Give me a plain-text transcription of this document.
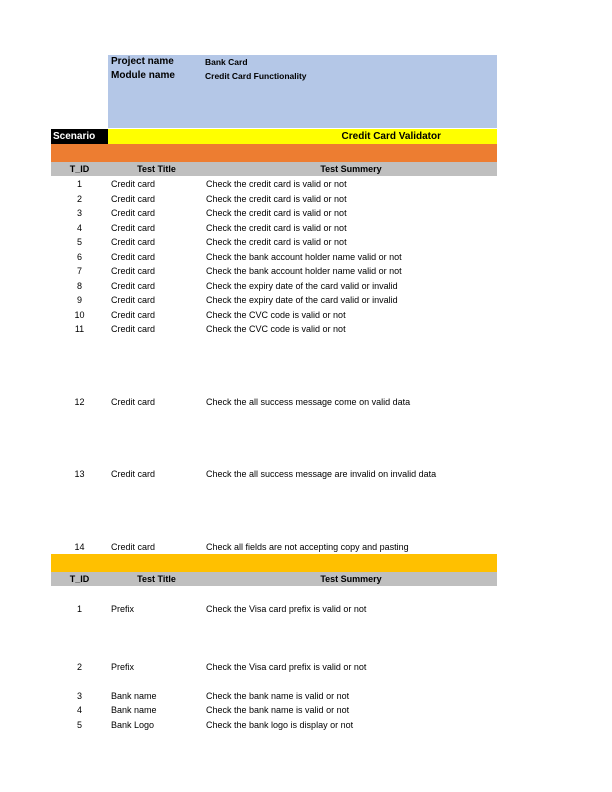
Project name	Bank Card
Module name	Credit Card Functionality
Scenario	Credit Card Validator
T_ID	Test Title	Test Summery
1	Credit card	Check the credit card is valid or not
2	Credit card	Check the credit card is valid or not
3	Credit card	Check the credit card is valid or not
4	Credit card	Check the credit card is valid or not
5	Credit card	Check the credit card is valid or not
6	Credit card	Check the bank account holder name valid or not
7	Credit card	Check the bank account holder name valid or not
8	Credit card	Check the expiry date of the card valid or invalid
9	Credit card	Check the expiry date of the card valid or invalid
10	Credit card	Check the CVC code is valid or not
11	Credit card	Check the CVC code is valid or not
12	Credit card	Check the all success message come on valid data
13	Credit card	Check the all success message are invalid on invalid data
14	Credit card	Check all fields are not accepting copy and pasting
T_ID	Test Title	Test Summery
1	Prefix	Check the Visa card prefix is valid or not
2	Prefix	Check the Visa card prefix is valid or not
3	Bank name	Check the bank name is valid or not
4	Bank name	Check the bank name is valid or not
5	Bank Logo	Check the bank logo is display or not
